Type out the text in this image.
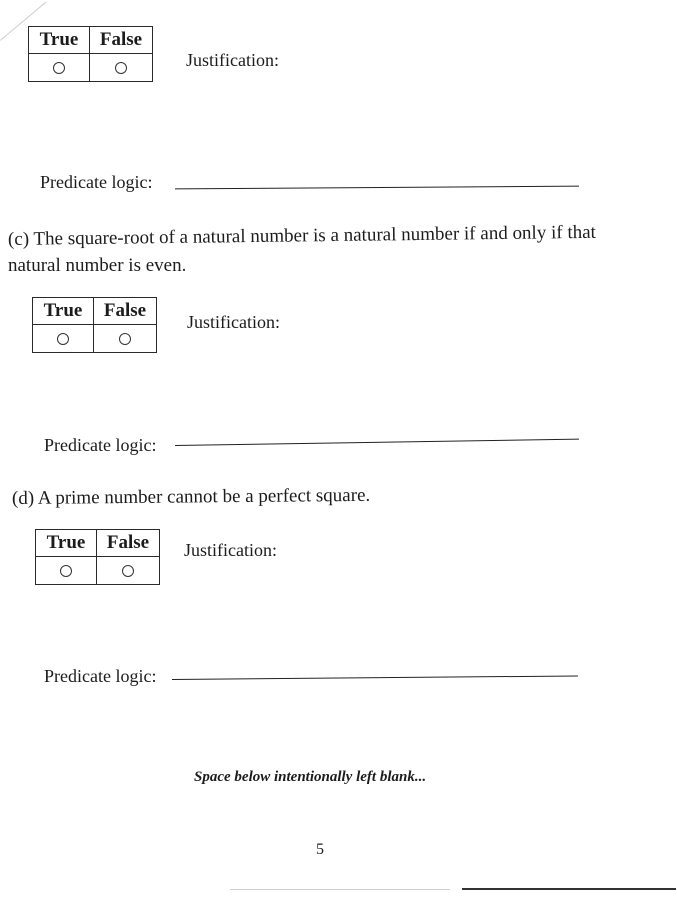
True	False

Justification:
Predicate logic:
(c) The square-root of a natural number is a natural number if and only if that
natural number is even.
True	False

Justification:
Predicate logic:
(d) A prime number cannot be a perfect square.
True	False
	Justification:
Predicate logic:
Space below intentionally left blank...
5
